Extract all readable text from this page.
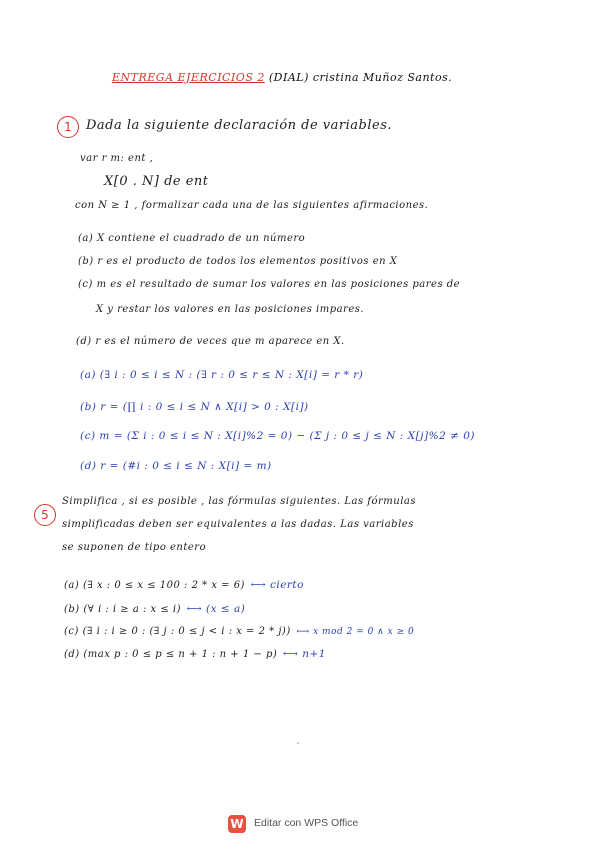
ENTREGA EJERCICIOS 2 (DIAL) cristina Muñoz Santos.
1	Dada la siguiente declaración de variables.
var r m: ent ,
X[0 . N] de ent
con N ≥ 1 , formalizar cada una de las siguientes afirmaciones.
(a) X contiene el cuadrado de un número
(b) r es el producto de todos los elementos positivos en X
(c) m es el resultado de sumar los valores en las posiciones pares de
X y restar los valores en las posiciones impares.
(d) r es el número de veces que m aparece en X.
(a) (∃ i : 0 ≤ i ≤ N : (∃ r : 0 ≤ r ≤ N : X[i] = r * r)
(b) r = (∏ i : 0 ≤ i ≤ N ∧ X[i] > 0 : X[i])
(c) m = (Σ i : 0 ≤ i ≤ N : X[i]%2 = 0) − (Σ j : 0 ≤ j ≤ N : X[j]%2 ≠ 0)
(d) r = (#i : 0 ≤ i ≤ N : X[i] = m)
5
Simplifica , si es posible , las fórmulas siguientes. Las fórmulas
simplificadas deben ser equivalentes a las dadas. Las variables
se suponen de tipo entero
(a) (∃ x : 0 ≤ x ≤ 100 : 2 * x = 6) ⟷ cierto
(b) (∀ i : i ≥ a : x ≤ i) ⟷ (x ≤ a)
(c) (∃ i : i ≥ 0 : (∃ j : 0 ≤ j < i : x = 2 * j)) ⟷ x mod 2 = 0 ∧ x ≥ 0
(d) (max p : 0 ≤ p ≤ n + 1 : n + 1 − p) ⟷ n+1
W Editar con WPS Office
